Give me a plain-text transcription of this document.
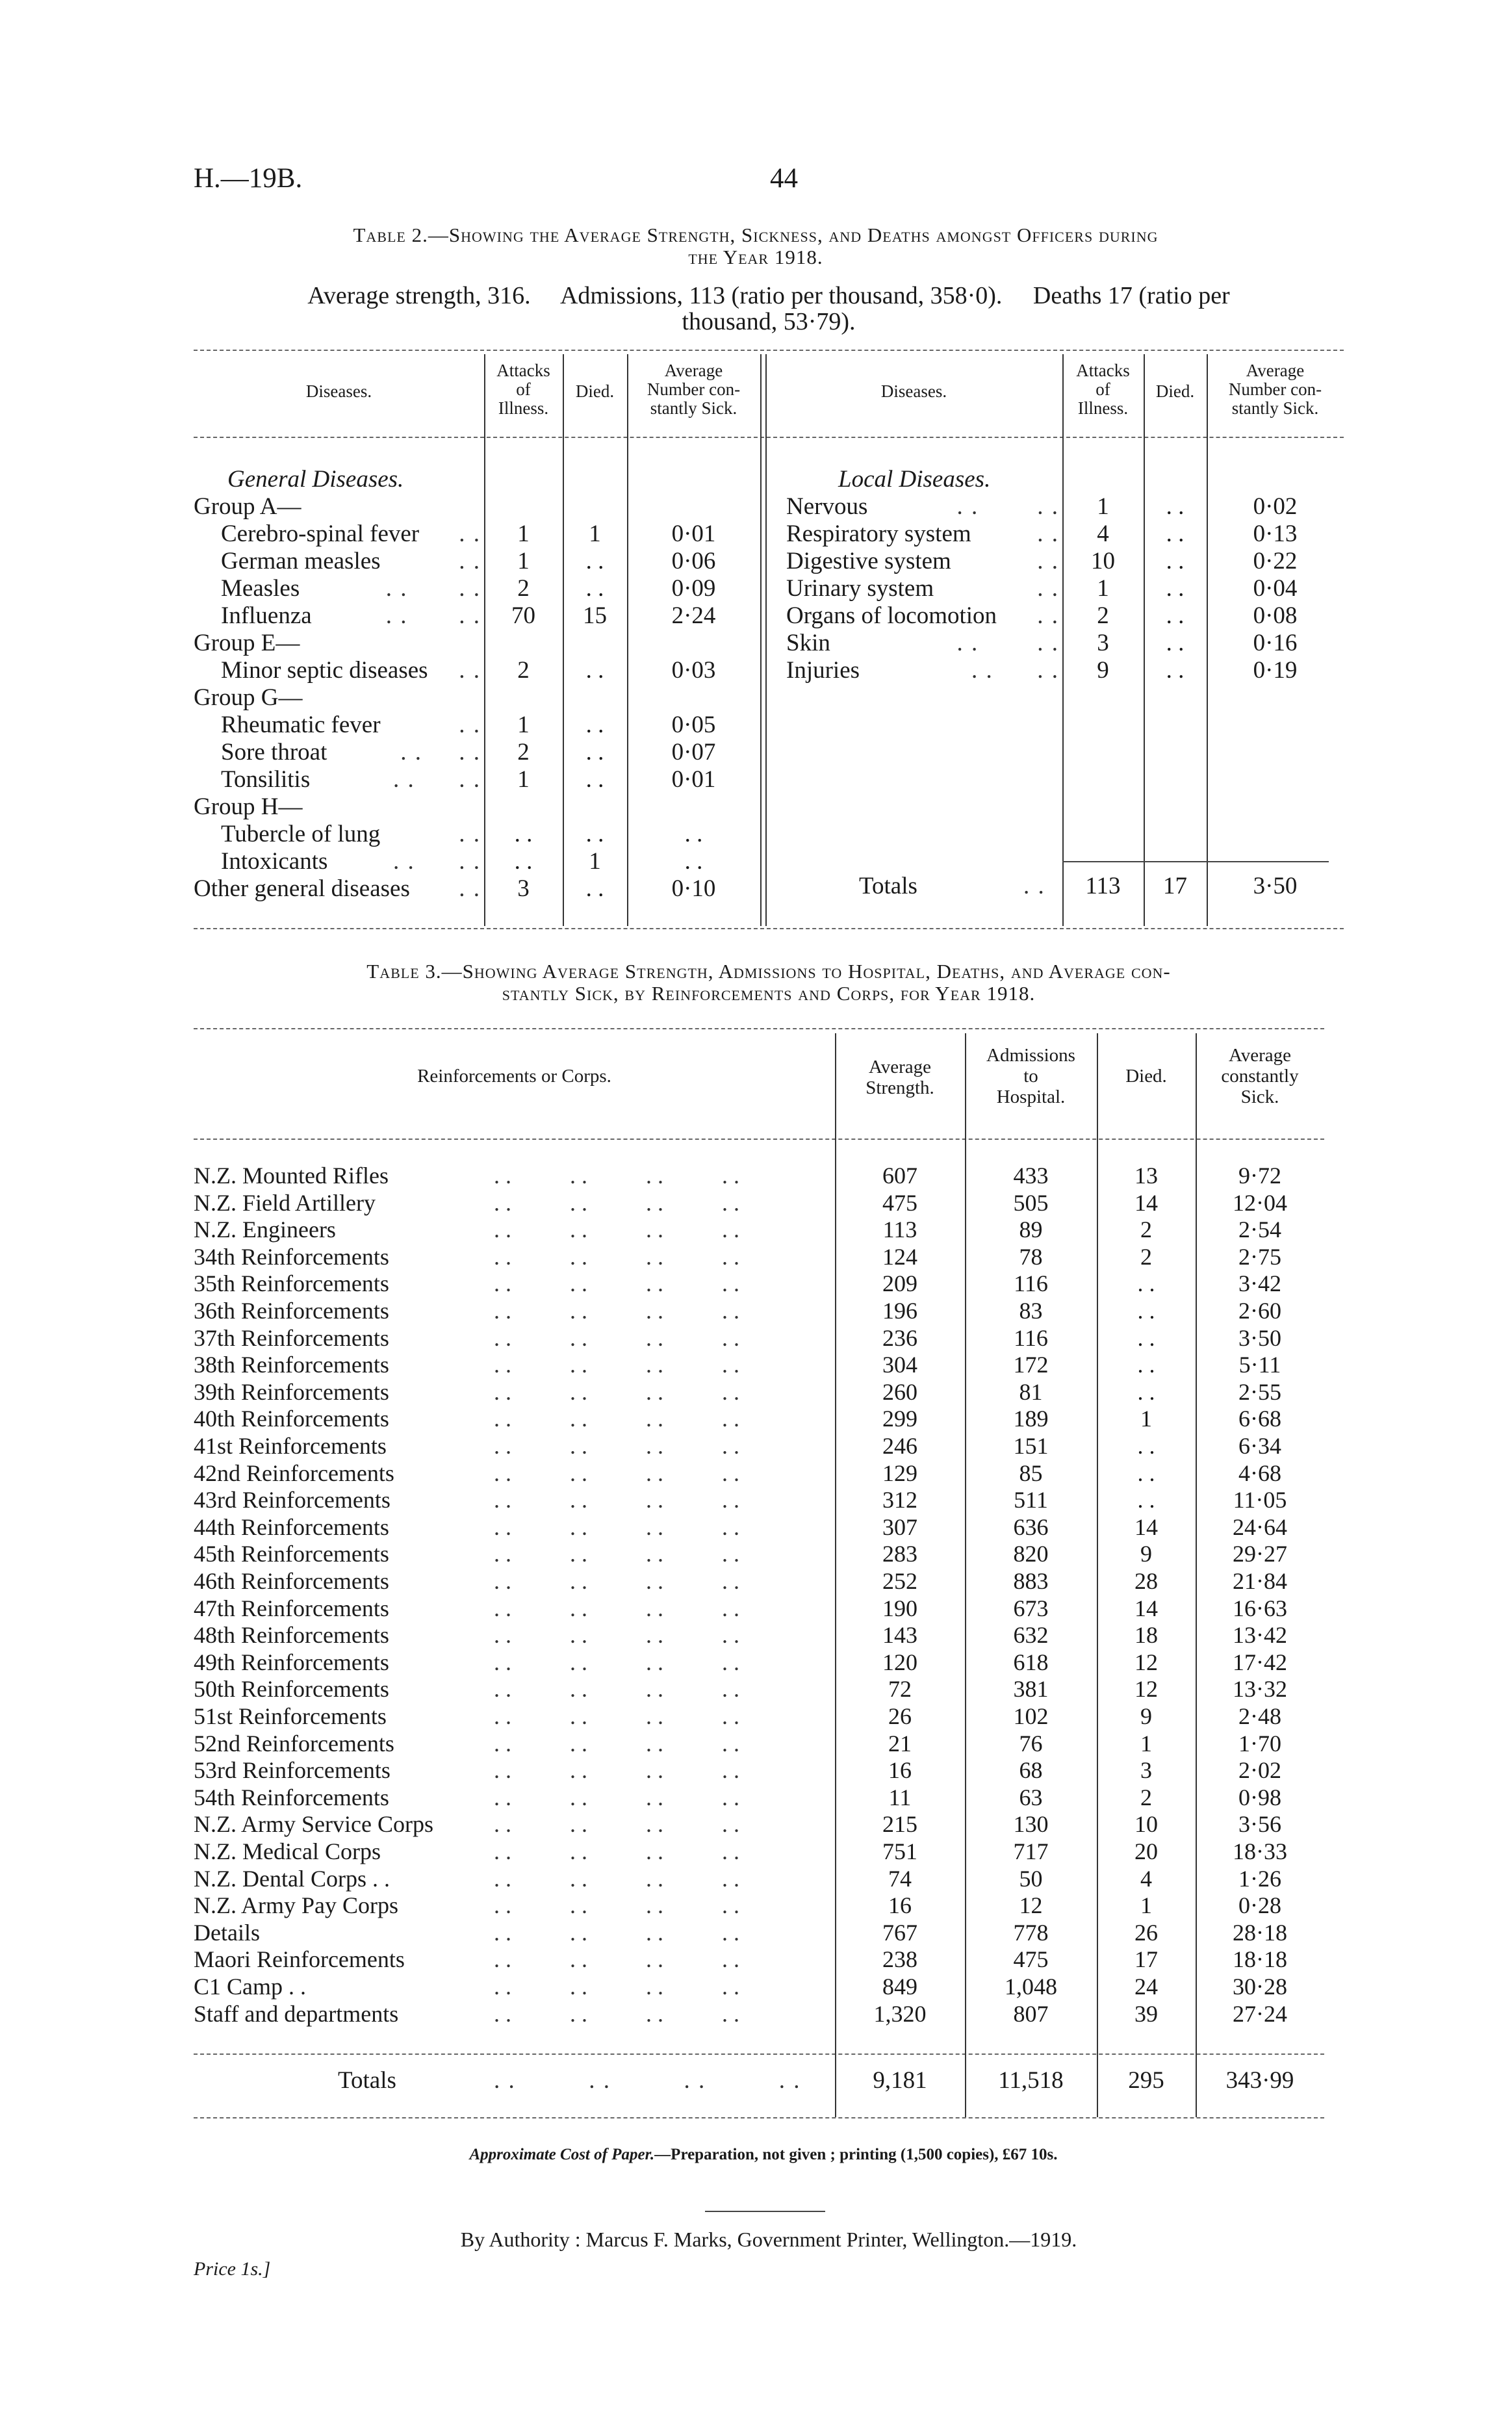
H.—19B.	44
Table 2.—Showing the Average Strength, Sickness, and Deaths amongst Officers during
the Year 1918.
Average strength, 316.     Admissions, 113 (ratio per thousand, 358·0).     Deaths 17 (ratio per
thousand, 53·79).
Diseases.
Attacks
of
Illness.
Died.
Average
Number con-
stantly Sick.
Diseases.
Attacks
of
Illness.
Died.
Average
Number con-
stantly Sick.
General Diseases.	Local Diseases.
Group A—
Cerebro-spinal fever . .	1	1	0·01
German measles	. .	1	. .	0·06
Measles	. .       . .	2	. .	0·09
Influenza	. .       . .	70	15	2·24
Group E—
Minor septic diseases . .	2	. .	0·03
Group G—
Rheumatic fever	. .	1	. .	0·05
Sore throat	. .     . .	2	. .	0·07
Tonsilitis	. .      . .	1	. .	0·01
Group H—
Tubercle of lung	. .	. .	. .	. .
Intoxicants	. .      . .	. .	1	. .
Other general diseases . .	3	. .	0·10
Nervous	. .        . .	1	. .	0·02
Respiratory system	. .	4	. .	0·13
Digestive system	. .	10	. .	0·22
Urinary system	. .	1	. .	0·04
Organs of locomotion . .	2	. .	0·08
Skin	. .        . .	3	. .	0·16
Injuries	. .      . .	9	. .	0·19
Totals	. .	113	17	3·50
Table 3.—Showing Average Strength, Admissions to Hospital, Deaths, and Average con-
stantly Sick, by Reinforcements and Corps, for Year 1918.
Reinforcements or Corps.	Average
Strength.
Admissions
to
Hospital.
Died.
Average
constantly
Sick.
N.Z. Mounted Rifles	. .          . .          . .          . .	607	433	13	9·72
N.Z. Field Artillery	. .          . .          . .          . .	475	505	14	12·04
N.Z. Engineers	. .          . .          . .          . .	113	89	2	2·54
34th Reinforcements	. .          . .          . .          . .	124	78	2	2·75
35th Reinforcements	. .          . .          . .          . .	209	116	. .	3·42
36th Reinforcements	. .          . .          . .          . .	196	83	. .	2·60
37th Reinforcements	. .          . .          . .          . .	236	116	. .	3·50
38th Reinforcements	. .          . .          . .          . .	304	172	. .	5·11
39th Reinforcements	. .          . .          . .          . .	260	81	. .	2·55
40th Reinforcements	. .          . .          . .          . .	299	189	1	6·68
41st Reinforcements	. .          . .          . .          . .	246	151	. .	6·34
42nd Reinforcements	. .          . .          . .          . .	129	85	. .	4·68
43rd Reinforcements	. .          . .          . .          . .	312	511	. .	11·05
44th Reinforcements	. .          . .          . .          . .	307	636	14	24·64
45th Reinforcements	. .          . .          . .          . .	283	820	9	29·27
46th Reinforcements	. .          . .          . .          . .	252	883	28	21·84
47th Reinforcements	. .          . .          . .          . .	190	673	14	16·63
48th Reinforcements	. .          . .          . .          . .	143	632	18	13·42
49th Reinforcements	. .          . .          . .          . .	120	618	12	17·42
50th Reinforcements	. .          . .          . .          . .	72	381	12	13·32
51st Reinforcements	. .          . .          . .          . .	26	102	9	2·48
52nd Reinforcements	. .          . .          . .          . .	21	76	1	1·70
53rd Reinforcements	. .          . .          . .          . .	16	68	3	2·02
54th Reinforcements	. .          . .          . .          . .	11	63	2	0·98
N.Z. Army Service Corps	. .          . .          . .          . .	215	130	10	3·56
N.Z. Medical Corps	. .          . .          . .          . .	751	717	20	18·33
N.Z. Dental Corps . .	. .          . .          . .          . .	74	50	4	1·26
N.Z. Army Pay Corps	. .          . .          . .          . .	16	12	1	0·28
Details	. .          . .          . .          . .	767	778	26	28·18
Maori Reinforcements	. .          . .          . .          . .	238	475	17	18·18
C1 Camp . .	. .          . .          . .          . .	849	1,048	24	30·28
Staff and departments	. .          . .          . .          . .	1,320	807	39	27·24
Totals	. .          . .          . .          . .	9,181	11,518	295	343·99
Approximate Cost of Paper.—Preparation, not given ; printing (1,500 copies), £67 10s.
By Authority : Marcus F. Marks, Government Printer, Wellington.—1919.
Price 1s.]
